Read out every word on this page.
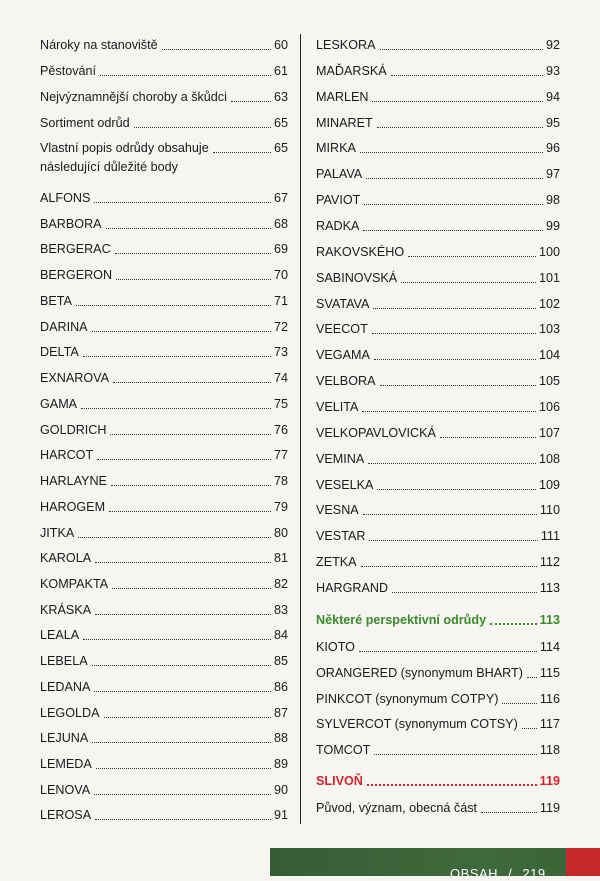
Nároky na stanoviště	60
Pěstování	61
Nejvýznamnější choroby a škůdci	63
Sortiment odrůd	65
Vlastní popis odrůdy obsahuje	65
následující důležité body
ALFONS	67
BARBORA	68
BERGERAC	69
BERGERON	70
BETA	71
DARINA	72
DELTA	73
EXNAROVA	74
GAMA	75
GOLDRICH	76
HARCOT	77
HARLAYNE	78
HAROGEM	79
JITKA	80
KAROLA	81
KOMPAKTA	82
KRÁSKA	83
LEALA	84
LEBELA	85
LEDANA	86
LEGOLDA	87
LEJUNA	88
LEMEDA	89
LENOVA	90
LEROSA	91
LESKORA	92
MAĎARSKÁ	93
MARLEN	94
MINARET	95
MIRKA	96
PALAVA	97
PAVIOT	98
RADKA	99
RAKOVSKÉHO	100
SABINOVSKÁ	101
SVATAVA	102
VEECOT	103
VEGAMA	104
VELBORA	105
VELITA	106
VELKOPAVLOVICKÁ	107
VEMINA	108
VESELKA	109
VESNA	110
VESTAR	111
ZETKA	112
HARGRAND	113
Některé perspektivní odrůdy	113
KIOTO	114
ORANGERED (synonymum BHART) 115
PINKCOT (synonymum COTPY)	116
SYLVERCOT (synonymum COTSY) 117
TOMCOT	118
SLIVOŇ	119
Původ, význam, obecná část	119
OBSAH / 219
